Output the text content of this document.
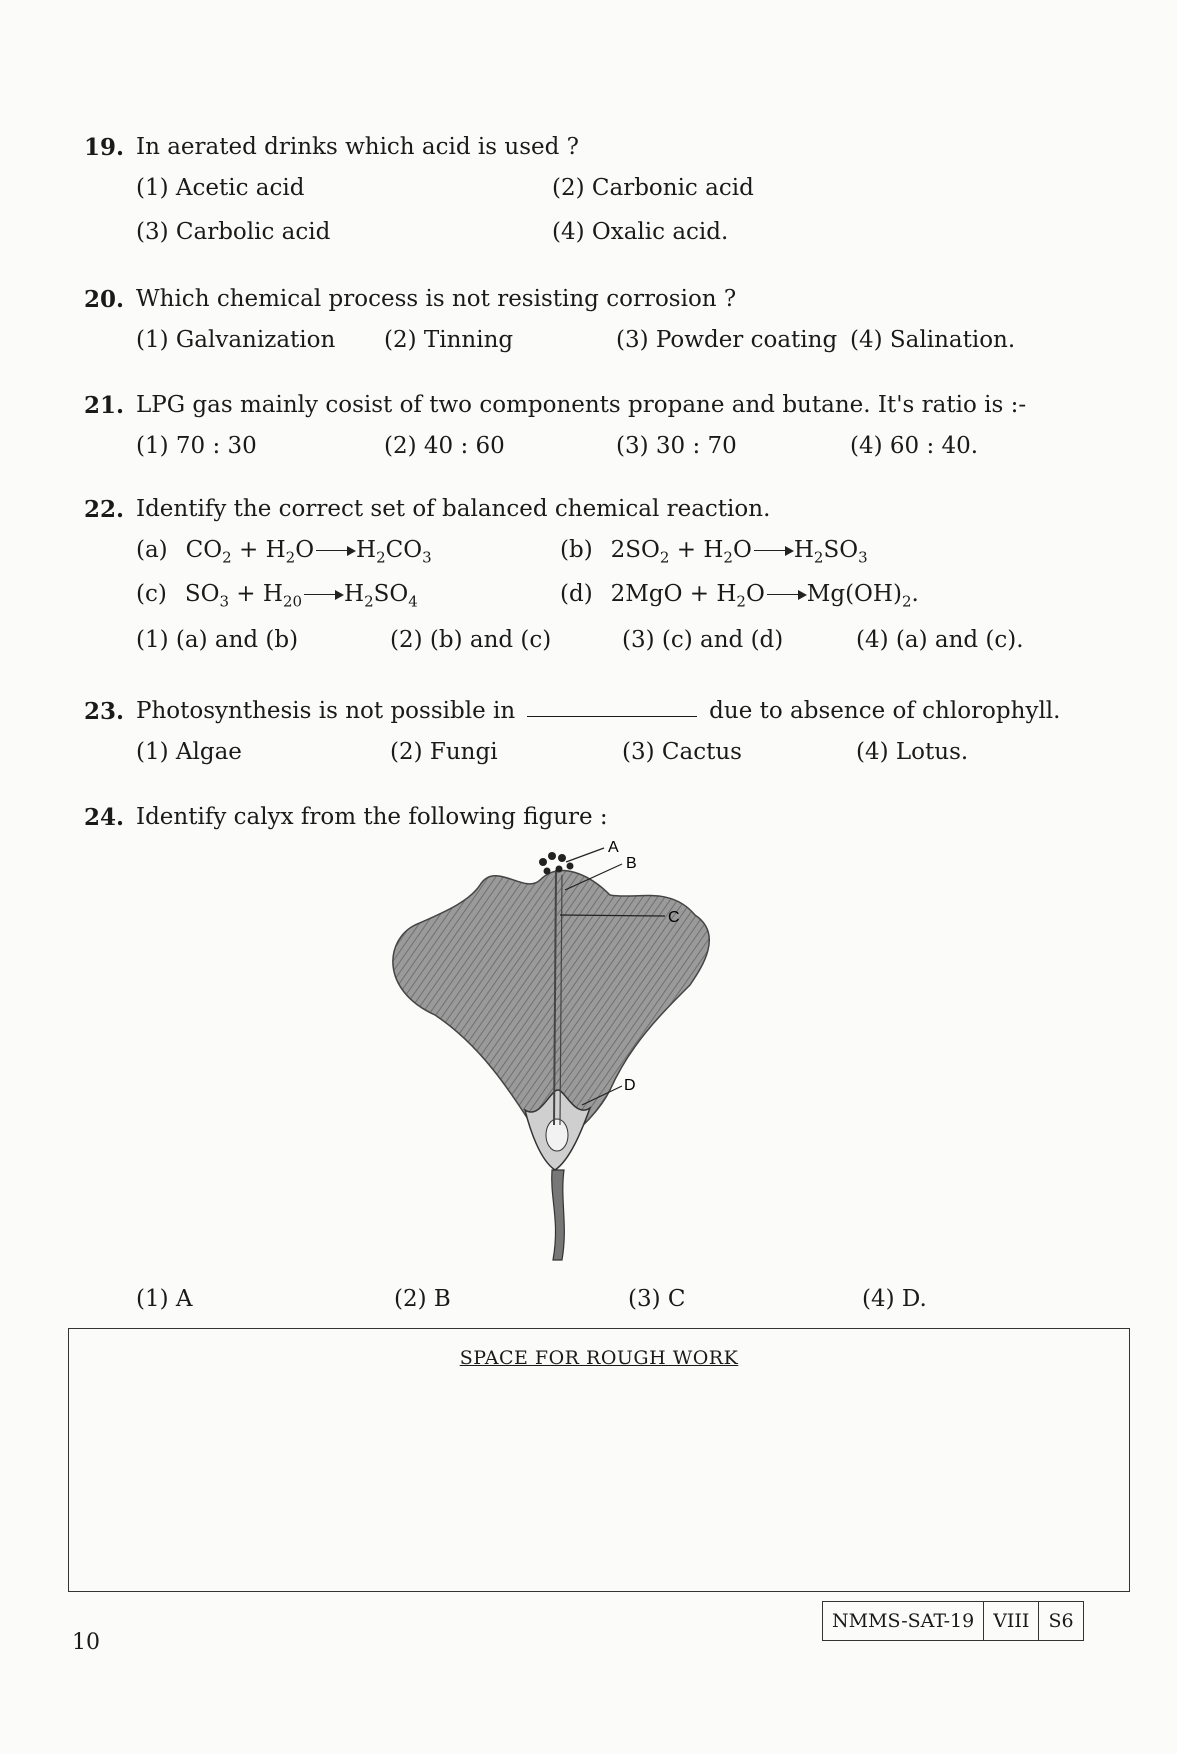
19. In aerated drinks which acid is used ?
(1) Acetic acid	(2) Carbonic acid
(3) Carbolic acid	(4) Oxalic acid.
20. Which chemical process is not resisting corrosion ?
(1) Galvanization (2) Tinning	(3) Powder coating (4) Salination.
21. LPG gas mainly cosist of two components propane and butane. It's ratio is :-
(1) 70 : 30	(2) 40 : 60	(3) 30 : 70	(4) 60 : 40.
22. Identify the correct set of balanced chemical reaction.
(a) $CO_2 + H_2O \to H_2CO_3$	(b) $2SO_2 + H_2O \to H_2SO_3$
(c) $SO_3 + H_{20} \to H_2SO_4$	(d) $2MgO + H_2O \to Mg(OH)_2$.
(1) (a) and (b)	(2) (b) and (c)	(3) (c) and (d)	(4) (a) and (c).
23. Photosynthesis is not possible in	due to absence of chlorophyll.
(1) Algae	(2) Fungi	(3) Cactus	(4) Lotus.
24. Identify calyx from the following figure :
A
B
C
D
(1) A	(2) B	(3) C	(4) D.
SPACE FOR ROUGH WORK
10
NMMS-SAT-19	VIII	S6
